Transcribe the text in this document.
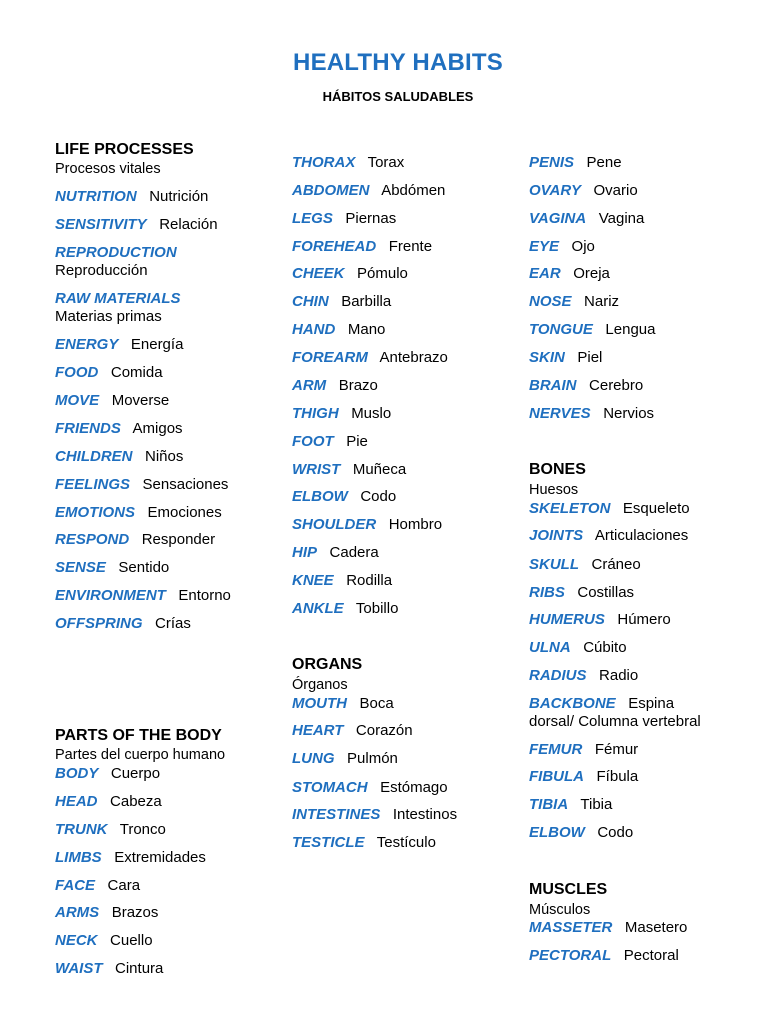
HEALTHY HABITS
HÁBITOS SALUDABLES
LIFE PROCESSES
Procesos vitales
NUTRITION Nutrición
SENSITIVITY Relación
REPRODUCTION
Reproducción
RAW MATERIALS
Materias primas
ENERGY Energía
FOOD Comida
MOVE Moverse
FRIENDS Amigos
CHILDREN Niños
FEELINGS Sensaciones
EMOTIONS Emociones
RESPOND Responder
SENSE Sentido
ENVIRONMENT Entorno
OFFSPRING Crías
PARTS OF THE BODY
Partes del cuerpo humano
BODY Cuerpo
HEAD Cabeza
TRUNK Tronco
LIMBS Extremidades
FACE Cara
ARMS Brazos
NECK Cuello
WAIST Cintura
THORAX Torax
ABDOMEN Abdómen
LEGS Piernas
FOREHEAD Frente
CHEEK Pómulo
CHIN Barbilla
HAND Mano
FOREARM Antebrazo
ARM Brazo
THIGH Muslo
FOOT Pie
WRIST Muñeca
ELBOW Codo
SHOULDER Hombro
HIP Cadera
KNEE Rodilla
ANKLE Tobillo
ORGANS
Órganos
MOUTH Boca
HEART Corazón
LUNG Pulmón
STOMACH Estómago
INTESTINES Intestinos
TESTICLE Testículo
PENIS Pene
OVARY Ovario
VAGINA Vagina
EYE Ojo
EAR Oreja
NOSE Nariz
TONGUE Lengua
SKIN Piel
BRAIN Cerebro
NERVES Nervios
BONES
Huesos
SKELETON Esqueleto
JOINTS Articulaciones
SKULL Cráneo
RIBS Costillas
HUMERUS Húmero
ULNA Cúbito
RADIUS Radio
BACKBONE Espina
dorsal/ Columna vertebral
FEMUR Fémur
FIBULA Fíbula
TIBIA Tibia
ELBOW Codo
MUSCLES
Músculos
MASSETER Masetero
PECTORAL Pectoral
